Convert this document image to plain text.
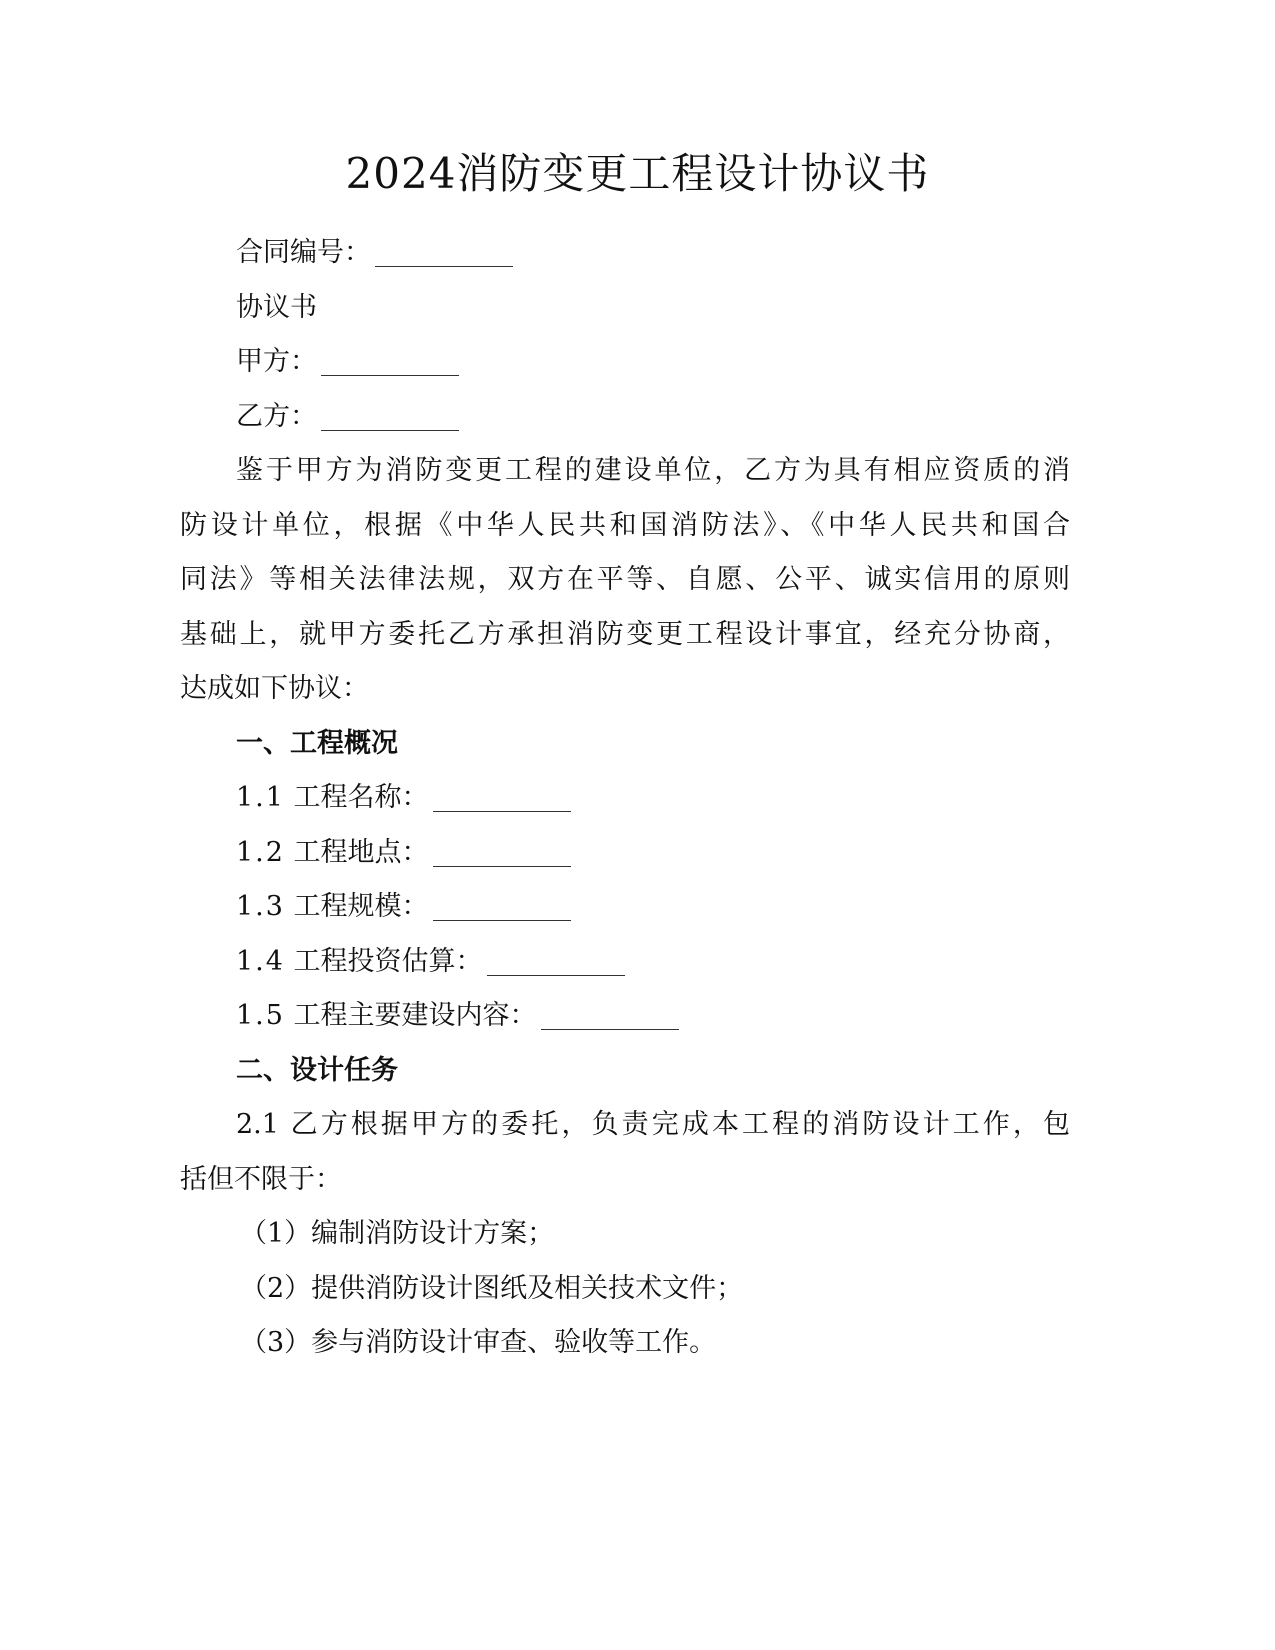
2024消防变更工程设计协议书
合同编号：
协议书
甲方：
乙方：
鉴于甲方为消防变更工程的建设单位，乙方为具有相应资质的消
防设计单位，根据《中华人民共和国消防法》、《中华人民共和国合
同法》等相关法律法规，双方在平等、自愿、公平、诚实信用的原则
基础上，就甲方委托乙方承担消防变更工程设计事宜，经充分协商，
达成如下协议：
一、工程概况
1.1 工程名称：
1.2 工程地点：
1.3 工程规模：
1.4 工程投资估算：
1.5 工程主要建设内容：
二、设计任务
2.1 乙方根据甲方的委托，负责完成本工程的消防设计工作，包
括但不限于：
（1）编制消防设计方案；
（2）提供消防设计图纸及相关技术文件；
（3）参与消防设计审查、验收等工作。
